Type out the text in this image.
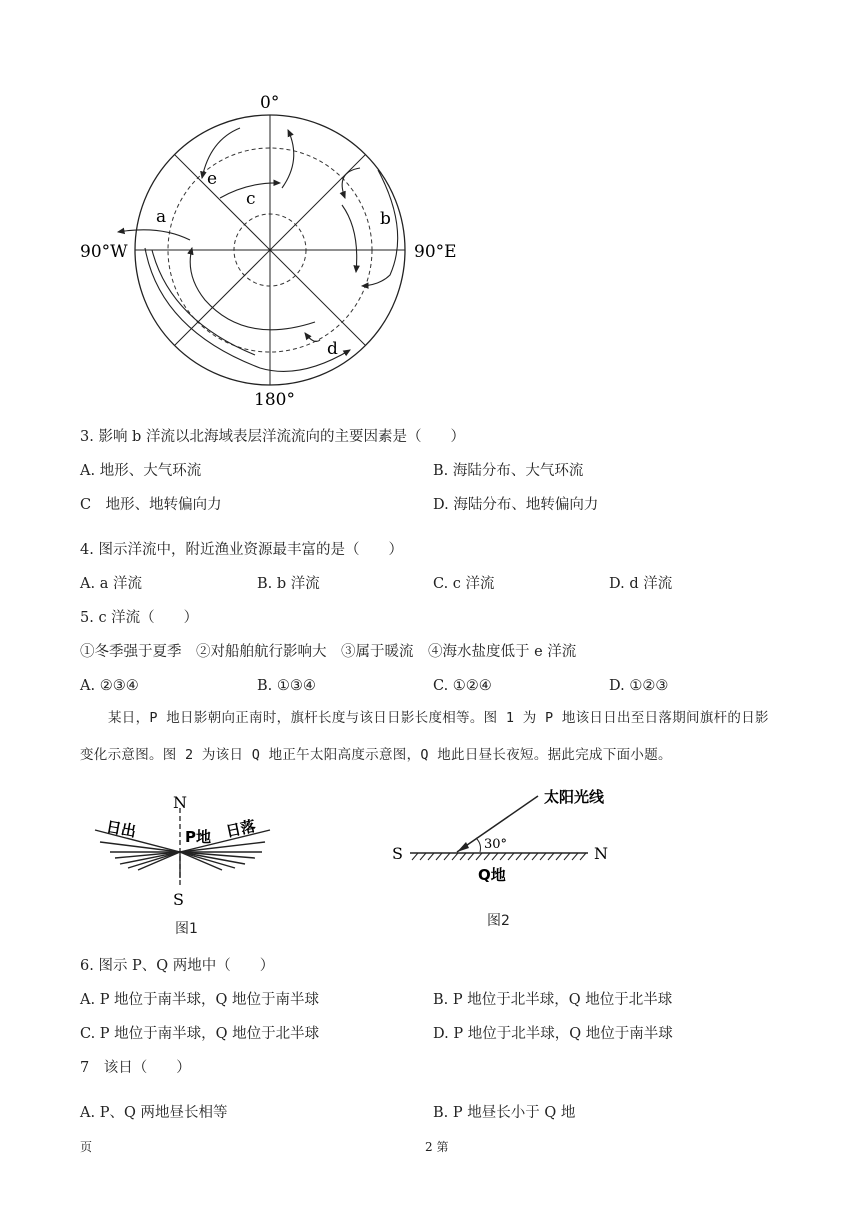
0°
180°
90°W	90°E
a	b
c
d
e
3. 影响 b 洋流以北海域表层洋流流向的主要因素是（　　）
A. 地形、大气环流	B. 海陆分布、大气环流
C　地形、地转偏向力	D. 海陆分布、地转偏向力
4. 图示洋流中，附近渔业资源最丰富的是（　　）
A. a 洋流	B. b 洋流	C. c 洋流	D. d 洋流
5. c 洋流（　　）
①冬季强于夏季　②对船舶航行影响大　③属于暖流　④海水盐度低于 e 洋流
A. ②③④	B. ①③④	C. ①②④	D. ①②③
某日，P 地日影朝向正南时，旗杆长度与该日日影长度相等。图 1 为 P 地该日日出至日落期间旗杆的日影变化示意图。图 2 为该日 Q 地正午太阳高度示意图，Q 地此日昼长夜短。据此完成下面小题。
N
S
日出	P地 日落
图1
太阳光线
30°
S	N
Q地
图2
6. 图示 P、Q 两地中（　　）
A. P 地位于南半球，Q 地位于南半球	B. P 地位于北半球，Q 地位于北半球
C. P 地位于南半球，Q 地位于北半球	D. P 地位于北半球，Q 地位于南半球
7　该日（　　）
A. P、Q 两地昼长相等	B. P 地昼长小于 Q 地
页	2 第
